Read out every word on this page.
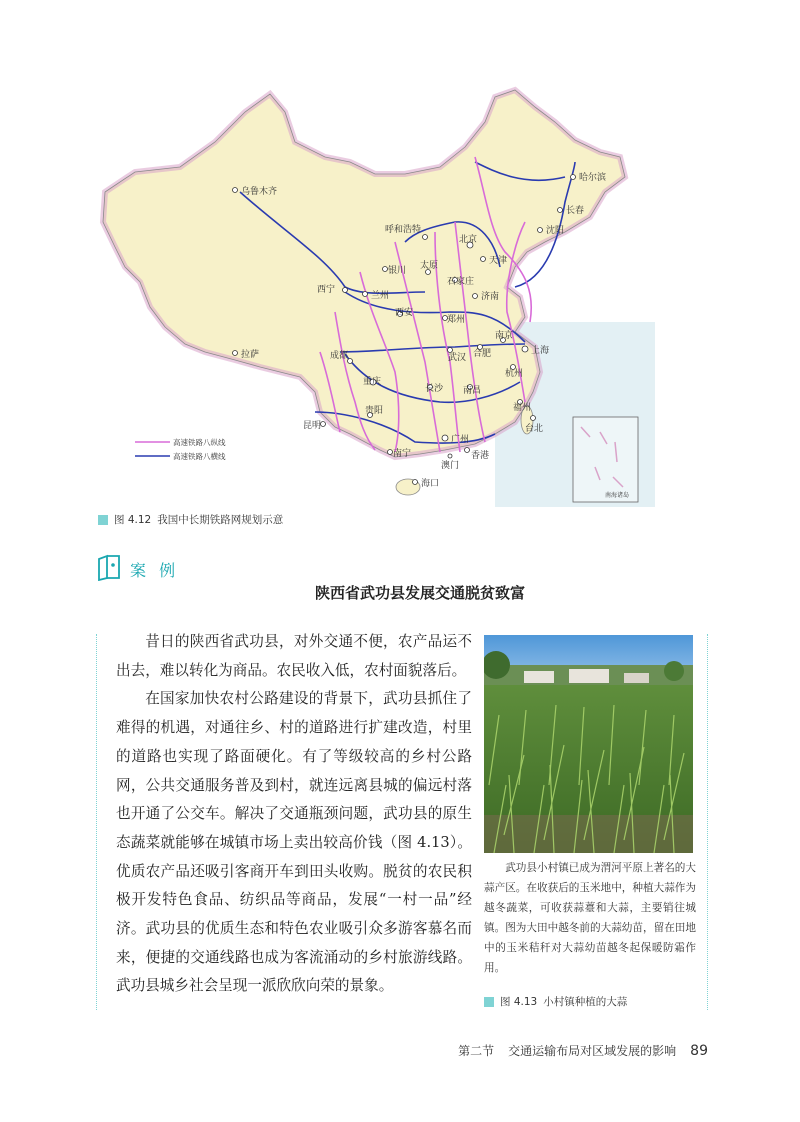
乌鲁木齐
哈尔滨
长春
沈阳
呼和浩特
北京
天津
银川 太原
石家庄
济南
西宁
兰州
西安
郑州
拉萨	成都	合肥
南京
上海
武汉
杭州
重庆
长沙 南昌
福州
台北
贵阳
昆明
广州
南宁	香港
澳门
海口
高速铁路八纵线
高速铁路八横线
南海诸岛
图 4.12 我国中长期铁路网规划示意
案 例
陕西省武功县发展交通脱贫致富

昔日的陕西省武功县，对外交通不便，农产品运不出去，难以转化为商品。农民收入低，农村面貌落后。

在国家加快农村公路建设的背景下，武功县抓住了难得的机遇，对通往乡、村的道路进行扩建改造，村里的道路也实现了路面硬化。有了等级较高的乡村公路网，公共交通服务普及到村，就连远离县城的偏远村落也开通了公交车。解决了交通瓶颈问题，武功县的原生态蔬菜就能够在城镇市场上卖出较高价钱（图 4.13）。优质农产品还吸引客商开车到田头收购。脱贫的农民积极开发特色食品、纺织品等商品，发展“一村一品”经济。武功县的优质生态和特色农业吸引众多游客慕名而来，便捷的交通线路也成为客流涌动的乡村旅游线路。武功县城乡社会呈现一派欣欣向荣的景象。

武功县小村镇已成为渭河平原上著名的大蒜产区。在收获后的玉米地中，种植大蒜作为越冬蔬菜，可收获蒜薹和大蒜，主要销往城镇。图为大田中越冬前的大蒜幼苗，留在田地中的玉米秸秆对大蒜幼苗越冬起保暖防霜作用。
图 4.13 小村镇种植的大蒜
第二节 交通运输布局对区域发展的影响 89
